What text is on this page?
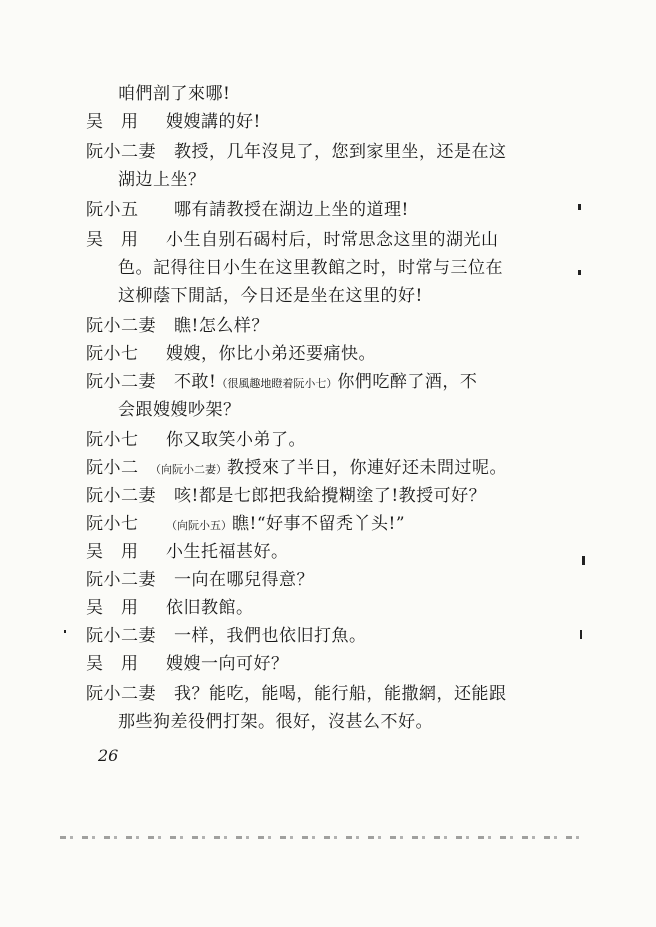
咱們剖了來哪!
吴　用 嫂嫂講的好!
阮小二妻 教授，几年沒見了，您到家里坐，还是在这
湖边上坐？
阮小五 哪有請教授在湖边上坐的道理!
吴　用 小生自别石碣村后，时常思念这里的湖光山
色。記得往日小生在这里教館之时，时常与三位在
这柳蔭下閒話，今日还是坐在这里的好!
阮小二妻 瞧!怎么样？
阮小七 嫂嫂，你比小弟还要痛快。
阮小二妻 不敢!（很風趣地瞪着阮小七）你們吃醉了酒，不
会跟嫂嫂吵架？
阮小七 你又取笑小弟了。
阮小二 （向阮小二妻）教授來了半日，你連好还未問过呢。
阮小二妻 咳!都是七郎把我給攪糊塗了!教授可好？
阮小七	（向阮小五）瞧!“好事不留秃丫头!”
吴　用 小生托福甚好。
阮小二妻 一向在哪兒得意？
吴　用 依旧教館。
阮小二妻 一样，我們也依旧打魚。
吴　用 嫂嫂一向可好？
阮小二妻 我？能吃，能喝，能行船，能撒網，还能跟
那些狗差役們打架。很好，沒甚么不好。
26
